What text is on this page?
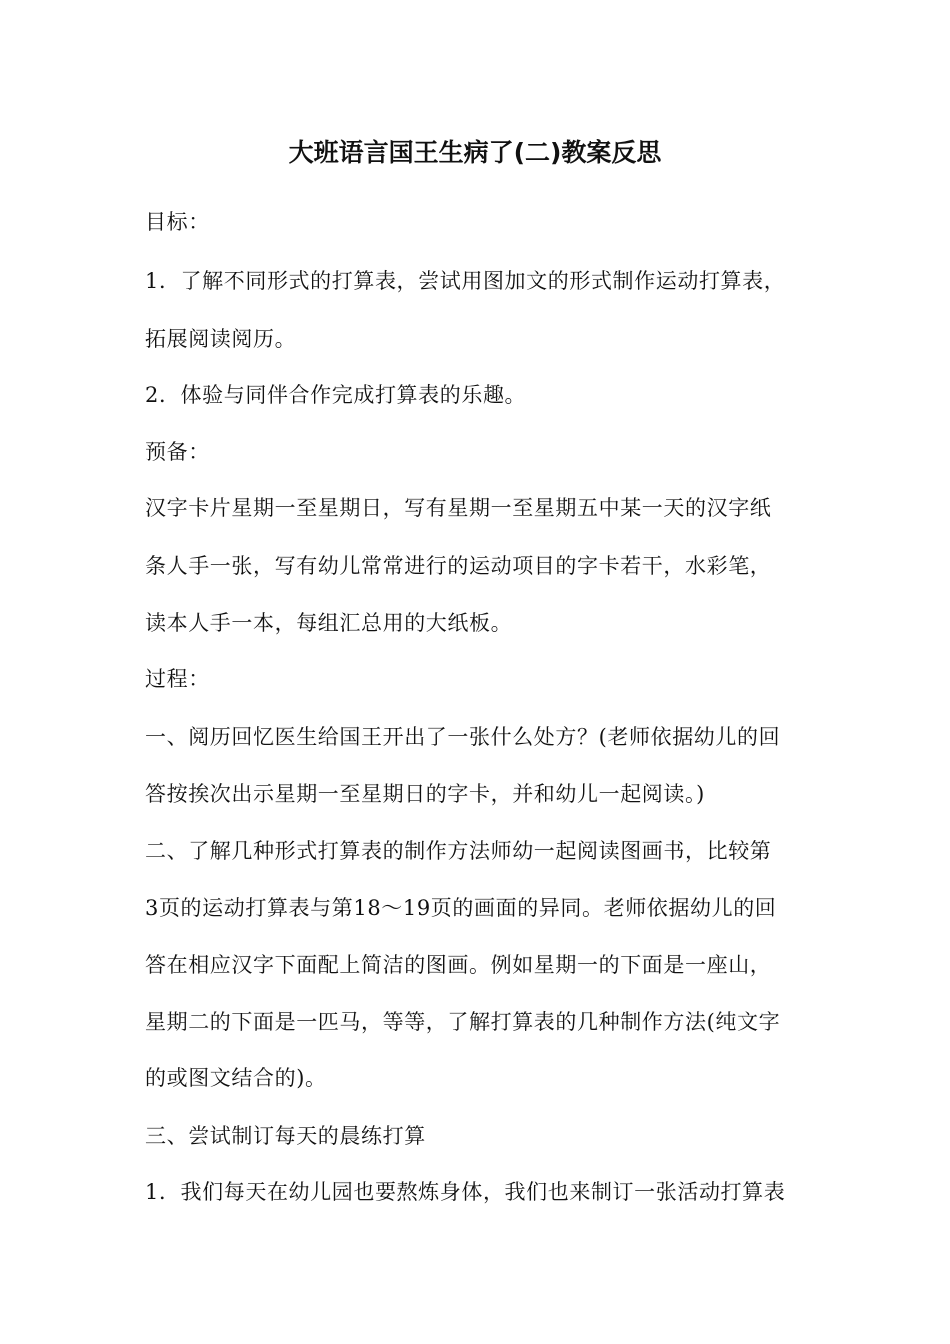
大班语言国王生病了(二)教案反思
目标：
1．了解不同形式的打算表，尝试用图加文的形式制作运动打算表，
拓展阅读阅历。
2．体验与同伴合作完成打算表的乐趣。
预备：
汉字卡片星期一至星期日，写有星期一至星期五中某一天的汉字纸
条人手一张，写有幼儿常常进行的运动项目的字卡若干，水彩笔，
读本人手一本，每组汇总用的大纸板。
过程：
一、阅历回忆医生给国王开出了一张什么处方？(老师依据幼儿的回
答按挨次出示星期一至星期日的字卡，并和幼儿一起阅读。)
二、了解几种形式打算表的制作方法师幼一起阅读图画书，比较第
3页的运动打算表与第18～19页的画面的异同。老师依据幼儿的回
答在相应汉字下面配上简洁的图画。例如星期一的下面是一座山，
星期二的下面是一匹马，等等，了解打算表的几种制作方法(纯文字
的或图文结合的)。
三、尝试制订每天的晨练打算
1．我们每天在幼儿园也要熬炼身体，我们也来制订一张活动打算表
